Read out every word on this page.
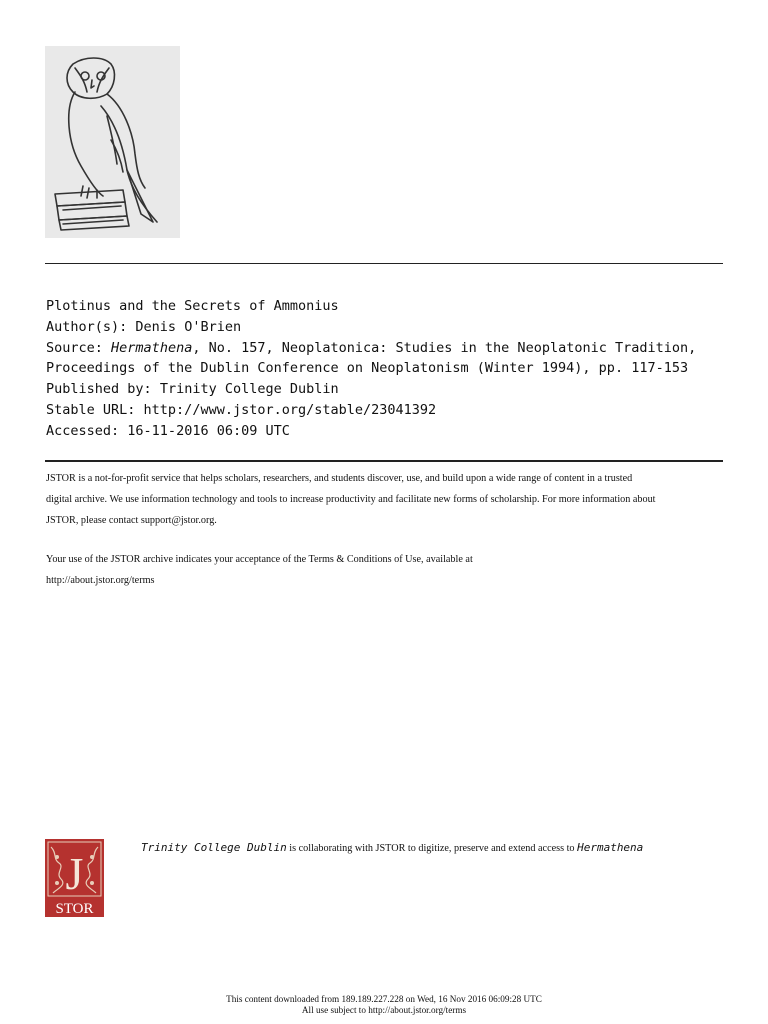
Plotinus and the Secrets of Ammonius
Author(s): Denis O'Brien
Source: Hermathena, No. 157, Neoplatonica: Studies in the Neoplatonic Tradition,
Proceedings of the Dublin Conference on Neoplatonism (Winter 1994), pp. 117-153
Published by: Trinity College Dublin
Stable URL: http://www.jstor.org/stable/23041392
Accessed: 16-11-2016 06:09 UTC

JSTOR is a not-for-profit service that helps scholars, researchers, and students discover, use, and build upon a wide range of content in a trusted
digital archive. We use information technology and tools to increase productivity and facilitate new forms of scholarship. For more information about
JSTOR, please contact support@jstor.org.

Your use of the JSTOR archive indicates your acceptance of the Terms & Conditions of Use, available at
http://about.jstor.org/terms

J
STOR
Trinity College Dublin is collaborating with JSTOR to digitize, preserve and extend access to Hermathena
This content downloaded from 189.189.227.228 on Wed, 16 Nov 2016 06:09:28 UTC
All use subject to http://about.jstor.org/terms
